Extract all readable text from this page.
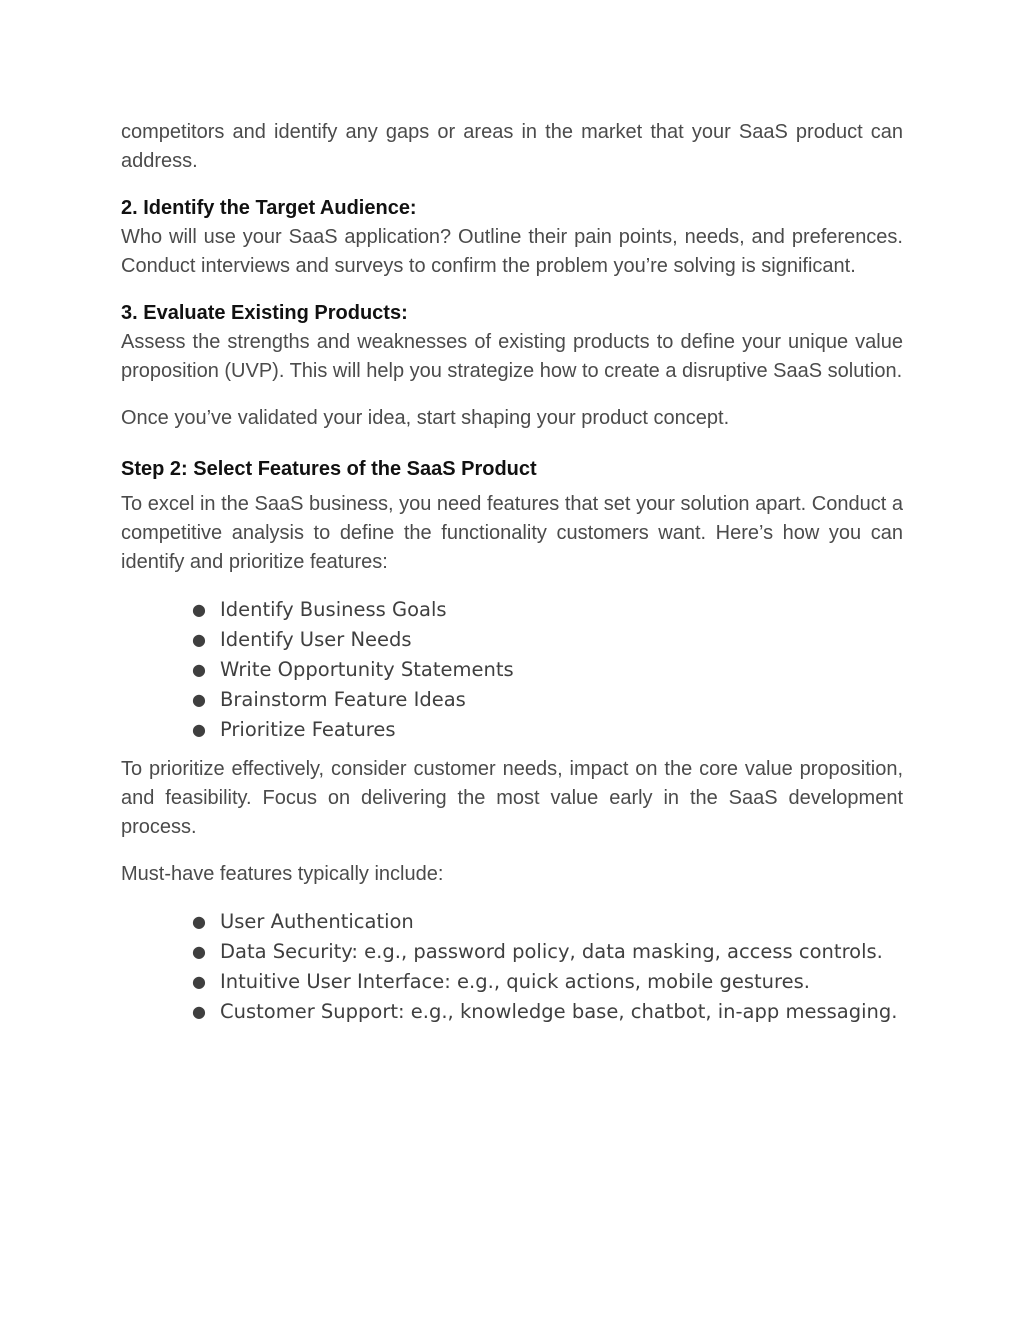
competitors and identify any gaps or areas in the market that your SaaS product can address.

2. Identify the Target Audience:

Who will use your SaaS application? Outline their pain points, needs, and preferences. Conduct interviews and surveys to confirm the problem you’re solving is significant.

3. Evaluate Existing Products:

Assess the strengths and weaknesses of existing products to define your unique value proposition (UVP). This will help you strategize how to create a disruptive SaaS solution.

Once you’ve validated your idea, start shaping your product concept.

Step 2: Select Features of the SaaS Product

To excel in the SaaS business, you need features that set your solution apart. Conduct a competitive analysis to define the functionality customers want. Here’s how you can identify and prioritize features:

● Identify Business Goals
● Identify User Needs
● Write Opportunity Statements
● Brainstorm Feature Ideas
● Prioritize Features

To prioritize effectively, consider customer needs, impact on the core value proposition, and feasibility. Focus on delivering the most value early in the SaaS development process.

Must-have features typically include:

● User Authentication
● Data Security: e.g., password policy, data masking, access controls.
● Intuitive User Interface: e.g., quick actions, mobile gestures.
● Customer Support: e.g., knowledge base, chatbot, in-app messaging.
